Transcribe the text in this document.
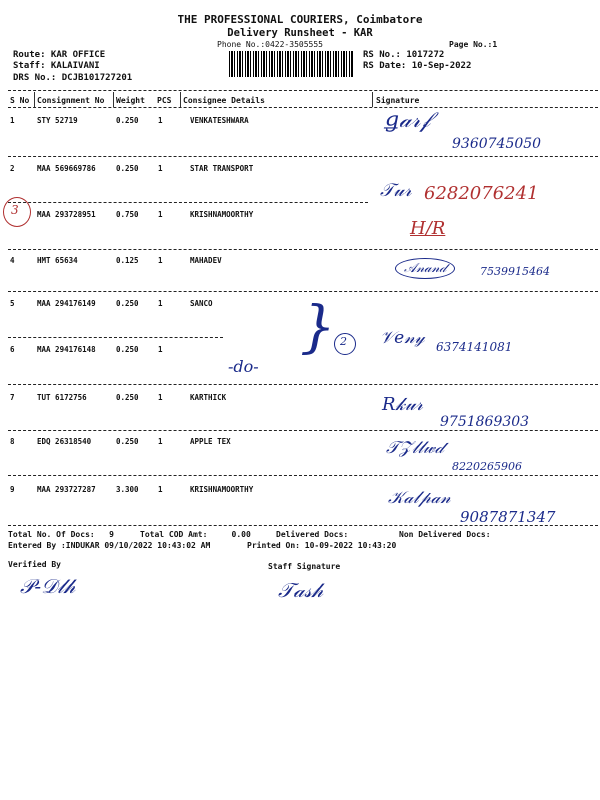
THE PROFESSIONAL COURIERS, Coimbatore
Delivery Runsheet - KAR
Phone No.:0422-3505555	Page No.:1
Route: KAR OFFICE
Staff: KALAIVANI
DRS No.: DCJB101727201
RS No.: 1017272
RS Date: 10-Sep-2022
S No Consignment No Weight PCS Consignee Details	Signature
1	STY 52719	0.250	1	VENKATESHWARA	ǥ𝒶𝓇𝒻
9360745050
2	MAA 569669786	0.250	1	STAR TRANSPORT
𝒯𝓊𝓇 6282076241
H/R
3 MAA 293728951	0.750	1	KRISHNAMOORTHY
4	HMT 65634	0.125	1	MAHADEV
𝒜𝓃𝒶𝓃𝒹	7539915464
5	MAA 294176149	0.250	1	SANCO } 2
-do-
𝒱𝑒𝓃𝓎 6374141081
6	MAA 294176148	0.250	1
7	TUT 6172756	0.250	1	KARTHICK	𝑅𝓀𝓊𝓇
9751869303
8	EDQ 26318540	0.250	1	APPLE TEX	𝒯𝒵𝓁𝓁𝓌𝒹
8220265906
9	MAA 293727287	3.300	1	KRISHNAMOORTHY	𝒦𝒶𝓁𝓅𝒶𝓃
9087871347
Total No. Of Docs:   9	Total COD Amt:     0.00	Delivered Docs:	Non Delivered Docs:
Entered By :INDUKAR 09/10/2022 10:43:02 AM	Printed On: 10-09-2022 10:43:20
Verified By
𝒫-𝒟𝓁𝒽
Staff Signature
𝒯𝒶𝓈𝒽
